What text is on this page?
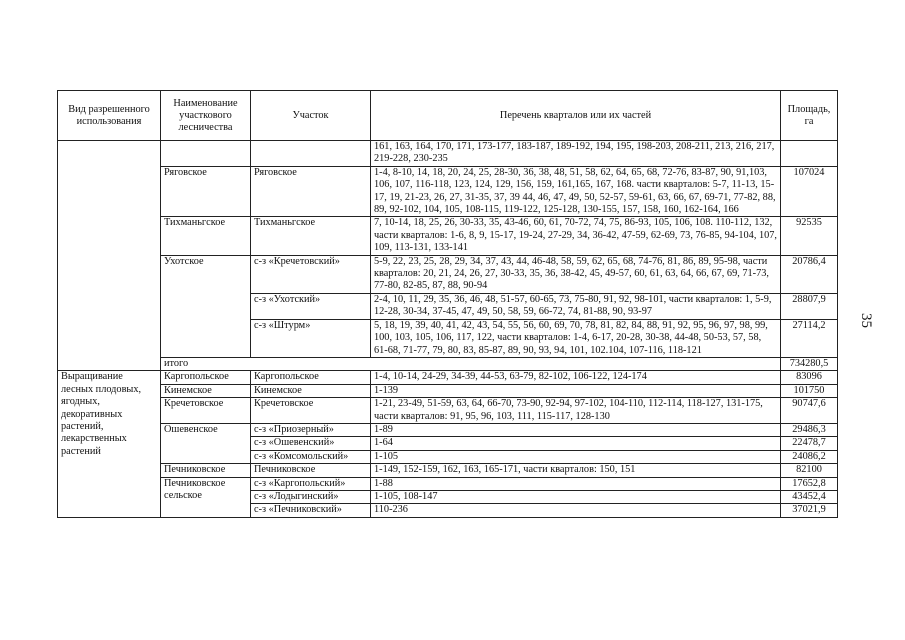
Вид разрешенного использования	Наименование участкового лесничества	Участок	Перечень кварталов или их частей	Площадь, га
			161, 163, 164, 170, 171, 173-177, 183-187, 189-192, 194, 195, 198-203, 208-211, 213, 216, 217, 219-228, 230-235	
	Ряговское	Ряговское	1-4, 8-10, 14, 18, 20, 24, 25, 28-30, 36, 38, 48, 51, 58, 62, 64, 65, 68, 72-76, 83-87, 90, 91,103, 106, 107, 116-118, 123, 124, 129, 156, 159, 161,165, 167, 168. части кварталов: 5-7, 11-13, 15-17, 19, 21-23, 26, 27, 31-35, 37, 39 44, 46, 47, 49, 50, 52-57, 59-61, 63, 66, 67, 69-71, 77-82, 88, 89, 92-102, 104, 105, 108-115, 119-122, 125-128, 130-155, 157, 158, 160, 162-164, 166	107024
	Тихманьгское	Тихманьгское	7, 10-14, 18, 25, 26, 30-33, 35, 43-46, 60, 61, 70-72, 74, 75, 86-93, 105, 106, 108. 110-112, 132, части кварталов: 1-6, 8, 9, 15-17, 19-24, 27-29, 34, 36-42, 47-59, 62-69, 73, 76-85, 94-104, 107, 109, 113-131, 133-141	92535
	Ухотское	с-з «Кречетовский»	5-9, 22, 23, 25, 28, 29, 34, 37, 43, 44, 46-48, 58, 59, 62, 65, 68, 74-76, 81, 86, 89, 95-98, части кварталов: 20, 21, 24, 26, 27, 30-33, 35, 36, 38-42, 45, 49-57, 60, 61, 63, 64, 66, 67, 69, 71-73, 77-80, 82-85, 87, 88, 90-94	20786,4
		с-з «Ухотский»	2-4, 10, 11, 29, 35, 36, 46, 48, 51-57, 60-65, 73, 75-80, 91, 92, 98-101, части кварталов: 1, 5-9, 12-28, 30-34, 37-45, 47, 49, 50, 58, 59, 66-72, 74, 81-88, 90, 93-97	28807,9
		с-з «Штурм»	5, 18, 19, 39, 40, 41, 42, 43, 54, 55, 56, 60, 69, 70, 78, 81, 82, 84, 88, 91, 92, 95, 96, 97, 98, 99, 100, 103, 105, 106, 117, 122, части кварталов: 1-4, 6-17, 20-28, 30-38, 44-48, 50-53, 57, 58, 61-68, 71-77, 79, 80, 83, 85-87, 89, 90, 93, 94, 101, 102.104, 107-116, 118-121	27114,2
	итого			734280,5
Выращивание лесных плодовых, ягодных, декоративных растений, лекарственных растений	Каргопольское	Каргопольское	1-4, 10-14, 24-29, 34-39, 44-53, 63-79, 82-102, 106-122, 124-174	83096
	Кинемское	Кинемское	1-139	101750
	Кречетовское	Кречетовское	1-21, 23-49, 51-59, 63, 64, 66-70, 73-90, 92-94, 97-102, 104-110, 112-114, 118-127, 131-175, части кварталов: 91, 95, 96, 103, 111, 115-117, 128-130	90747,6
	Ошевенское	с-з «Приозерный»	1-89	29486,3
		с-з «Ошевенский»	1-64	22478,7
		с-з «Комсомольский»	1-105	24086,2
	Печниковское	Печниковское	1-149, 152-159, 162, 163, 165-171, части кварталов: 150, 151	82100
	Печниковское сельское	с-з «Каргопольский»	1-88	17652,8
		с-з «Лодыгинский»	1-105, 108-147	43452,4
		с-з «Печниковский»	110-236	37021,9
35
